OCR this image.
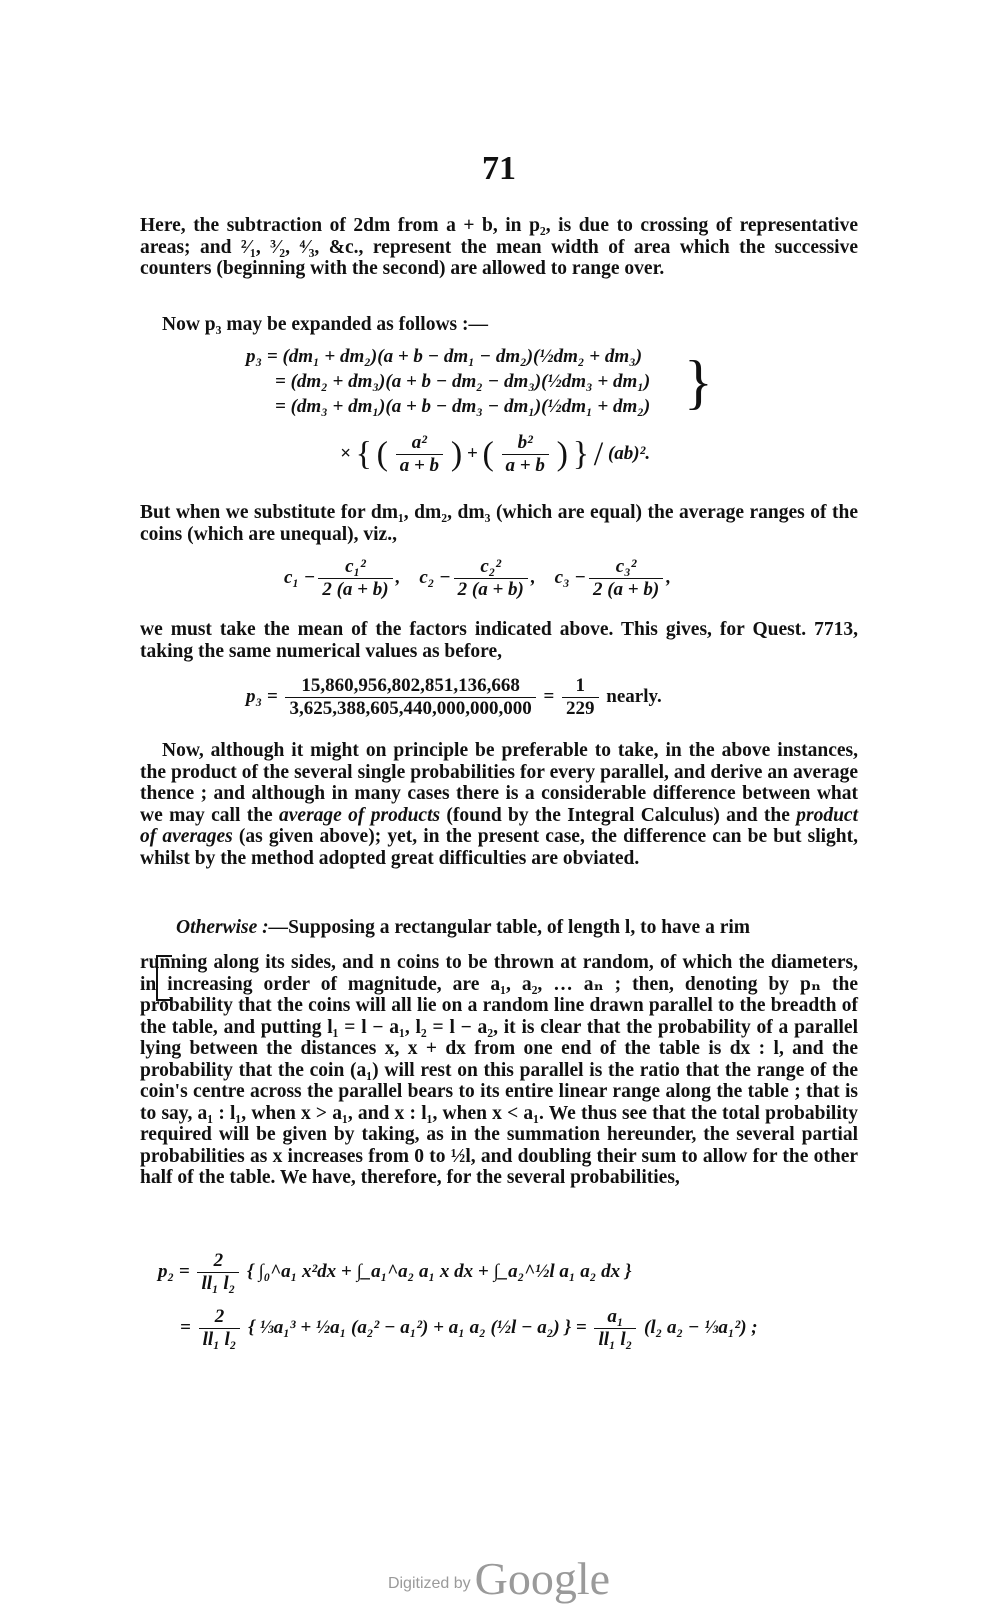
71
Here, the subtraction of 2dm from a + b, in p₂, is due to crossing of representative areas; and ²⁄₁, ³⁄₂, ⁴⁄₃, &c., represent the mean width of area which the successive counters (beginning with the second) are allowed to range over.
Now p₃ may be expanded as follows :—
p₃ = (dm₁ + dm₂)(a + b − dm₁ − dm₂)(½dm₂ + dm₃)
= (dm₂ + dm₃)(a + b − dm₂ − dm₃)(½dm₃ + dm₁)
= (dm₃ + dm₁)(a + b − dm₃ − dm₁)(½dm₁ + dm₂) }
× { ( $\frac{\text{a²}}{a + b}$ ) + ( $\frac{\text{b²}}{a + b}$ ) } / (ab)².
But when we substitute for dm₁, dm₂, dm₃ (which are equal) the average ranges of the coins (which are unequal), viz.,
$c_1 - \frac{\text{c₁²}}{2 (a + b)}$ ,    $c_2 - \frac{\text{c₂²}}{2 (a + b)}$ ,    $c_3 - \frac{\text{c₃²}}{2 (a + b)}$ ,
we must take the mean of the factors indicated above. This gives, for Quest. 7713, taking the same numerical values as before,
$p_3 = \frac{15,860,956,802,851,136,668}{3,625,388,605,440,000,000,000} = \frac{1}{229}$ nearly.
Now, although it might on principle be preferable to take, in the above instances, the product of the several single probabilities for every parallel, and derive an average thence ; and although in many cases there is a considerable difference between what we may call the average of products (found by the Integral Calculus) and the product of averages (as given above); yet, in the present case, the difference can be but slight, whilst by the method adopted great difficulties are obviated.
Otherwise :—Supposing a rectangular table, of length l, to have a rim
running along its sides, and n coins to be thrown at random, of which the diameters, in increasing order of magnitude, are a₁, a₂, … aₙ ; then, denoting by pₙ the probability that the coins will all lie on a random line drawn parallel to the breadth of the table, and putting l₁ = l − a₁, l₂ = l − a₂, it is clear that the probability of a parallel lying between the distances x, x + dx from one end of the table is dx : l, and the probability that the coin (a₁) will rest on this parallel is the ratio that the range of the coin's centre across the parallel bears to its entire linear range along the table ; that is to say, a₁ : l₁, when x > a₁, and x : l₁, when x < a₁. We thus see that the total probability required will be given by taking, as in the summation hereunder, the several partial probabilities as x increases from 0 to ½l, and doubling their sum to allow for the other half of the table. We have, therefore, for the several probabilities,
$p_2 = \frac{2}{\text{ll₁ l₂}}$ { ∫₀^a₁ x²dx + ∫_a₁^a₂ a₁ x dx + ∫_a₂^½l a₁ a₂ dx }
= $\frac{2}{\text{ll₁ l₂}}$ { ⅓a₁³ + ½a₁ (a₂² − a₁²) + a₁ a₂ (½l − a₂) } = $\frac{\text{a₁}}{\text{ll₁ l₂}} (l_2$ a₂ − ⅓a₁²) ;
Digitized by Google
